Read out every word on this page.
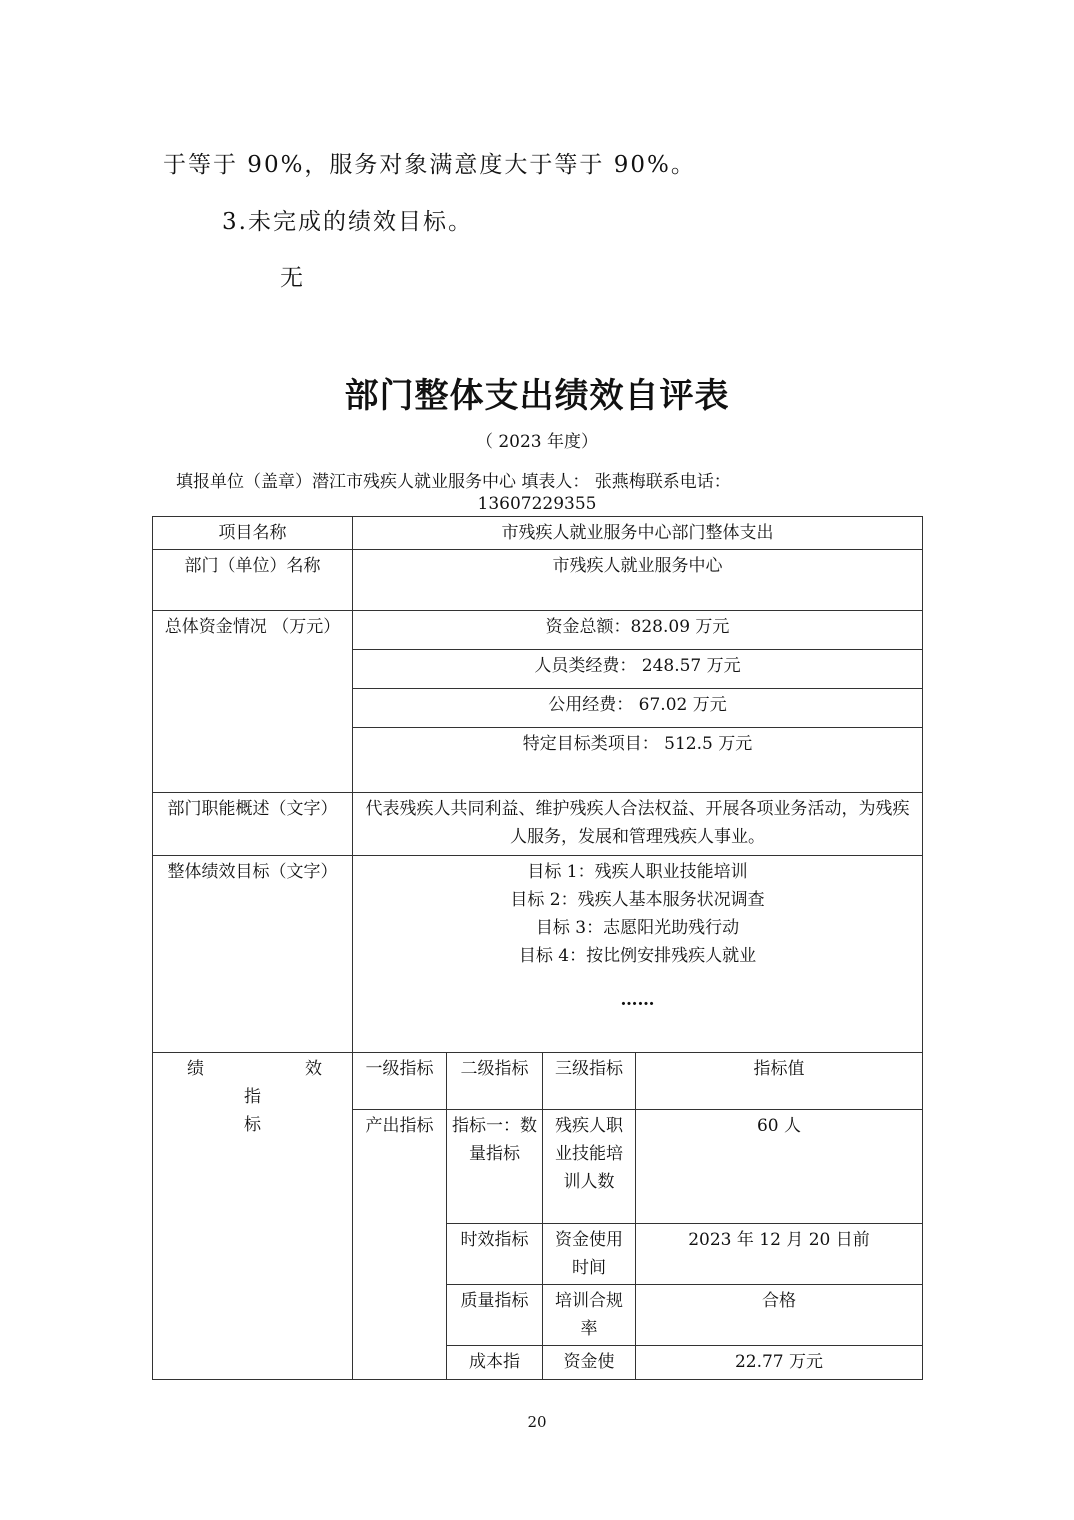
于等于 90%，服务对象满意度大于等于 90%。
3.未完成的绩效目标。
无
部门整体支出绩效自评表
（ 2023 年度）
填报单位（盖章）潜江市残疾人就业服务中心 填表人： 张燕梅联系电话：
13607229355
项目名称	市残疾人就业服务中心部门整体支出			
部门（单位）名称	市残疾人就业服务中心			
总体资金情况 （万元）	资金总额：828.09 万元			
	人员类经费： 248.57 万元			
	公用经费： 67.02 万元			
	特定目标类项目： 512.5 万元			
部门职能概述（文字）	代表残疾人共同利益、维护残疾人合法权益、开展各项业务活动，为残疾人服务，发展和管理残疾人事业。			
整体绩效目标（文字）	目标 1：残疾人职业技能培训
目标 2：残疾人基本服务状况调查
目标 3：志愿阳光助残行动
目标 4：按比例安排残疾人就业
……			

绩 效
指
标	一级指标	二级指标	三级指标	指标值
	产出指标	指标一：数量指标	残疾人职业技能培训人数	60 人
		时效指标	资金使用时间	2023 年 12 月 20 日前
		质量指标	培训合规率	合格
		成本指	资金使	22.77 万元
20
